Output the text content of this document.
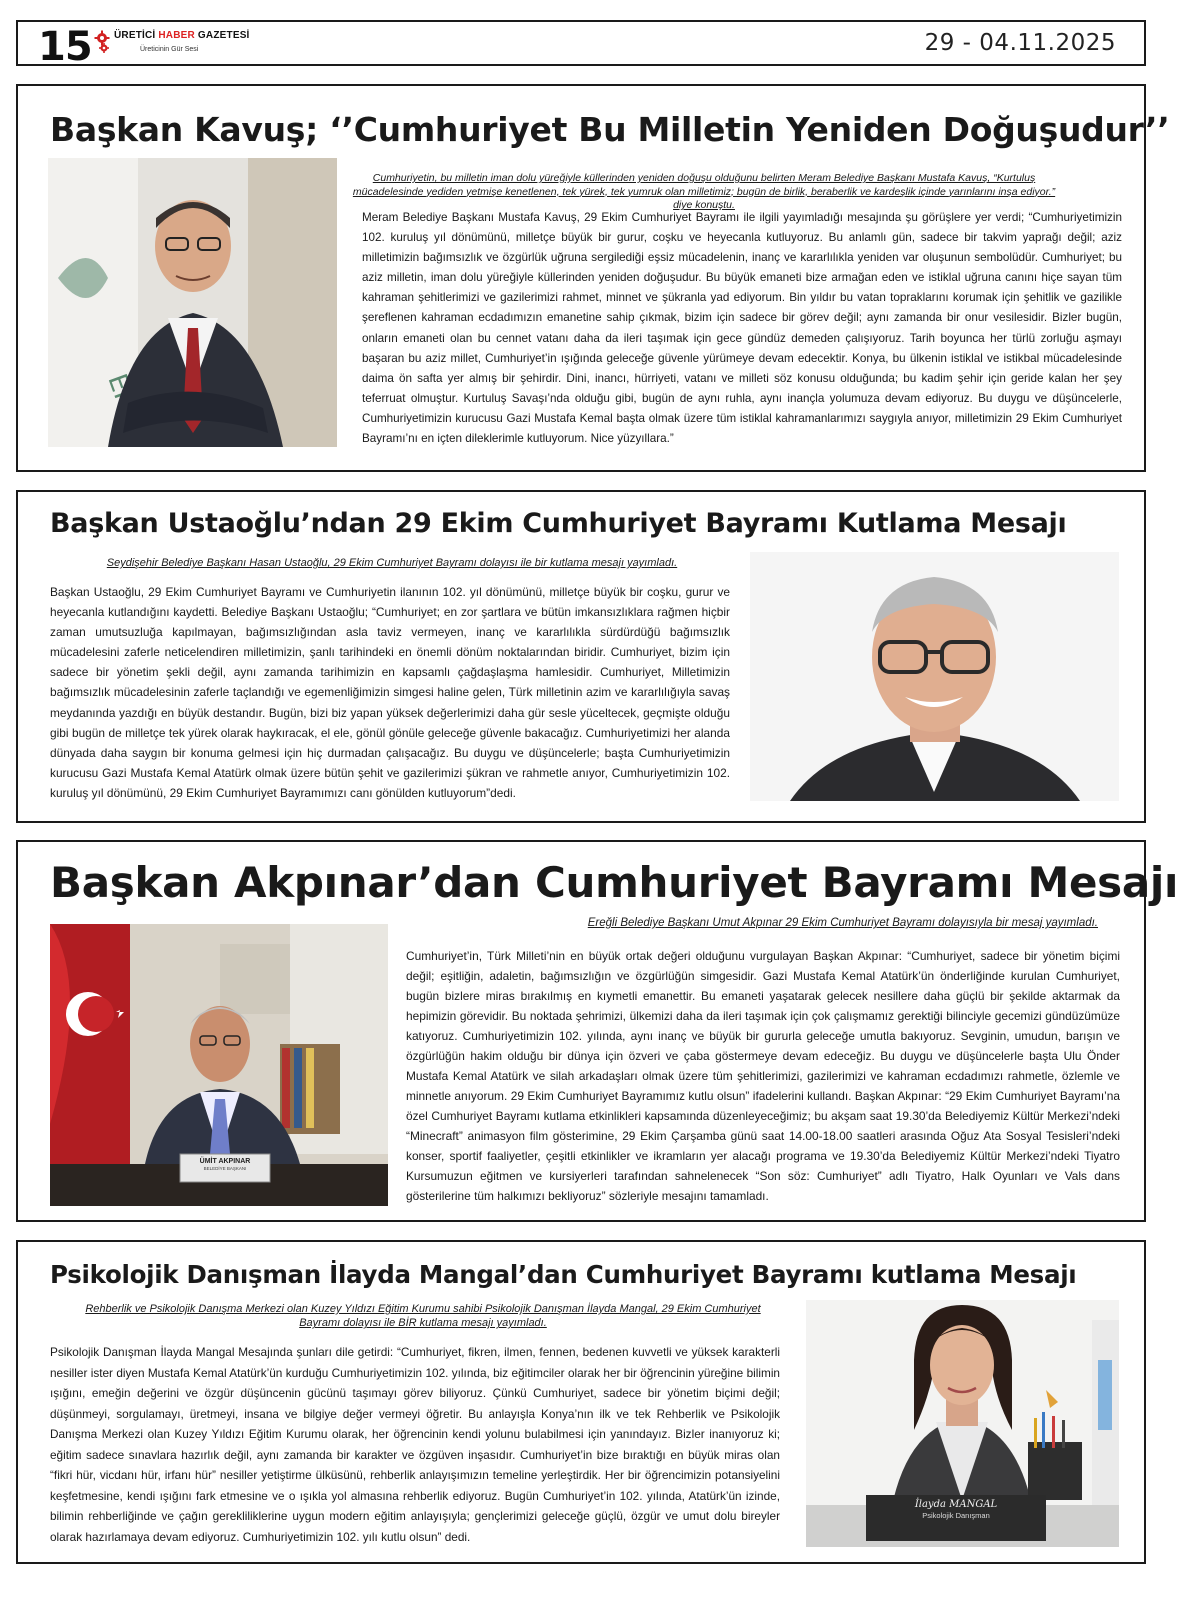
15 ÜRETİCİ HABER GAZETESİ
Üreticinin Gür Sesi	29 - 04.11.2025
Başkan Kavuş; ‘’Cumhuriyet Bu Milletin Yeniden Doğuşudur’’
Cumhuriyetin, bu milletin iman dolu yüreğiyle küllerinden yeniden doğuşu olduğunu belirten Meram Belediye Başkanı Mustafa Kavuş, “Kurtuluş mücadelesinde yediden yetmişe kenetlenen, tek yürek, tek yumruk olan milletimiz; bugün de birlik, beraberlik ve kardeşlik içinde yarınlarını inşa ediyor.” diye konuştu.
Meram Belediye Başkanı Mustafa Kavuş, 29 Ekim Cumhuriyet Bayramı ile ilgili yayımladığı mesajında şu görüşlere yer verdi; “Cumhuriyetimizin 102. kuruluş yıl dönümünü, milletçe büyük bir gurur, coşku ve heyecanla kutluyoruz. Bu anlamlı gün, sadece bir takvim yaprağı değil; aziz milletimizin bağımsızlık ve özgürlük uğruna sergilediği eşsiz mücadelenin, inanç ve kararlılıkla yeniden var oluşunun sembolüdür. Cumhuriyet; bu aziz milletin, iman dolu yüreğiyle küllerinden yeniden doğuşudur. Bu büyük emaneti bize armağan eden ve istiklal uğruna canını hiçe sayan tüm kahraman şehitlerimizi ve gazilerimizi rahmet, minnet ve şükranla yad ediyorum. Bin yıldır bu vatan topraklarını korumak için şehitlik ve gazilikle şereflenen kahraman ecdadımızın emanetine sahip çıkmak, bizim için sadece bir görev değil; aynı zamanda bir onur vesilesidir. Bizler bugün, onların emaneti olan bu cennet vatanı daha da ileri taşımak için gece gündüz demeden çalışıyoruz. Tarih boyunca her türlü zorluğu aşmayı başaran bu aziz millet, Cumhuriyet’in ışığında geleceğe güvenle yürümeye devam edecektir. Konya, bu ülkenin istiklal ve istikbal mücadelesinde daima ön safta yer almış bir şehirdir. Dini, inancı, hürriyeti, vatanı ve milleti söz konusu olduğunda; bu kadim şehir için geride kalan her şey teferruat olmuştur. Kurtuluş Savaşı’nda olduğu gibi, bugün de aynı ruhla, aynı inançla yolumuza devam ediyoruz. Bu duygu ve düşüncelerle, Cumhuriyetimizin kurucusu Gazi Mustafa Kemal başta olmak üzere tüm istiklal kahramanlarımızı saygıyla anıyor, milletimizin 29 Ekim Cumhuriyet Bayramı’nı en içten dileklerimle kutluyorum. Nice yüzyıllara.”
Başkan Ustaoğlu’ndan 29 Ekim Cumhuriyet Bayramı Kutlama Mesajı
Seydişehir Belediye Başkanı Hasan Ustaoğlu, 29 Ekim Cumhuriyet Bayramı dolayısı ile bir kutlama mesajı yayımladı.
Başkan Ustaoğlu, 29 Ekim Cumhuriyet Bayramı ve Cumhuriyetin ilanının 102. yıl dönümünü, milletçe büyük bir coşku, gurur ve heyecanla kutlandığını kaydetti. Belediye Başkanı Ustaoğlu; “Cumhuriyet; en zor şartlara ve bütün imkansızlıklara rağmen hiçbir zaman umutsuzluğa kapılmayan, bağımsızlığından asla taviz vermeyen, inanç ve kararlılıkla sürdürdüğü bağımsızlık mücadelesini zaferle neticelendiren milletimizin, şanlı tarihindeki en önemli dönüm noktalarından biridir. Cumhuriyet, bizim için sadece bir yönetim şekli değil, aynı zamanda tarihimizin en kapsamlı çağdaşlaşma hamlesidir. Cumhuriyet, Milletimizin bağımsızlık mücadelesinin zaferle taçlandığı ve egemenliğimizin simgesi haline gelen, Türk milletinin azim ve kararlılığıyla savaş meydanında yazdığı en büyük destandır. Bugün, bizi biz yapan yüksek değerlerimizi daha gür sesle yüceltecek, geçmişte olduğu gibi bugün de milletçe tek yürek olarak haykıracak, el ele, gönül gönüle geleceğe güvenle bakacağız. Cumhuriyetimizi her alanda dünyada daha saygın bir konuma gelmesi için hiç durmadan çalışacağız. Bu duygu ve düşüncelerle; başta Cumhuriyetimizin kurucusu Gazi Mustafa Kemal Atatürk olmak üzere bütün şehit ve gazilerimizi şükran ve rahmetle anıyor, Cumhuriyetimizin 102. kuruluş yıl dönümünü, 29 Ekim Cumhuriyet Bayramımızı canı gönülden kutluyorum”dedi.
Başkan Akpınar’dan Cumhuriyet Bayramı Mesajı
Ereğli Belediye Başkanı Umut Akpınar 29 Ekim Cumhuriyet Bayramı dolayısıyla bir mesaj yayımladı.
ÜMİT AKPINAR
BELEDİYE BAŞKANI
Cumhuriyet’in, Türk Milleti’nin en büyük ortak değeri olduğunu vurgulayan Başkan Akpınar: “Cumhuriyet, sadece bir yönetim biçimi değil; eşitliğin, adaletin, bağımsızlığın ve özgürlüğün simgesidir. Gazi Mustafa Kemal Atatürk’ün önderliğinde kurulan Cumhuriyet, bugün bizlere miras bırakılmış en kıymetli emanettir. Bu emaneti yaşatarak gelecek nesillere daha güçlü bir şekilde aktarmak da hepimizin görevidir. Bu noktada şehrimizi, ülkemizi daha da ileri taşımak için çok çalışmamız gerektiği bilinciyle gecemizi gündüzümüze katıyoruz. Cumhuriyetimizin 102. yılında, aynı inanç ve büyük bir gururla geleceğe umutla bakıyoruz. Sevginin, umudun, barışın ve özgürlüğün hakim olduğu bir dünya için özveri ve çaba göstermeye devam edeceğiz. Bu duygu ve düşüncelerle başta Ulu Önder Mustafa Kemal Atatürk ve silah arkadaşları olmak üzere tüm şehitlerimizi, gazilerimizi ve kahraman ecdadımızı rahmetle, özlemle ve minnetle anıyorum. 29 Ekim Cumhuriyet Bayramımız kutlu olsun” ifadelerini kullandı. Başkan Akpınar: “29 Ekim Cumhuriyet Bayramı’na özel Cumhuriyet Bayramı kutlama etkinlikleri kapsamında düzenleyeceğimiz; bu akşam saat 19.30’da Belediyemiz Kültür Merkezi’ndeki “Minecraft” animasyon film gösterimine, 29 Ekim Çarşamba günü saat 14.00-18.00 saatleri arasında Oğuz Ata Sosyal Tesisleri’ndeki konser, sportif faaliyetler, çeşitli etkinlikler ve ikramların yer alacağı programa ve 19.30’da Belediyemiz Kültür Merkezi’ndeki Tiyatro Kursumuzun eğitmen ve kursiyerleri tarafından sahnelenecek “Son söz: Cumhuriyet” adlı Tiyatro, Halk Oyunları ve Vals dans gösterilerine tüm halkımızı bekliyoruz” sözleriyle mesajını tamamladı.
Psikolojik Danışman İlayda Mangal’dan Cumhuriyet Bayramı kutlama Mesajı
Rehberlik ve Psikolojik Danışma Merkezi olan Kuzey Yıldızı Eğitim Kurumu sahibi Psikolojik Danışman İlayda Mangal, 29 Ekim Cumhuriyet Bayramı dolayısı ile BİR kutlama mesajı yayımladı.
Psikolojik Danışman İlayda Mangal Mesajında şunları dile getirdi: “Cumhuriyet, fikren, ilmen, fennen, bedenen kuvvetli ve yüksek karakterli nesiller ister diyen Mustafa Kemal Atatürk’ün kurduğu Cumhuriyetimizin 102. yılında, biz eğitimciler olarak her bir öğrencinin yüreğine bilimin ışığını, emeğin değerini ve özgür düşüncenin gücünü taşımayı görev biliyoruz. Çünkü Cumhuriyet, sadece bir yönetim biçimi değil; düşünmeyi, sorgulamayı, üretmeyi, insana ve bilgiye değer vermeyi öğretir. Bu anlayışla Konya’nın ilk ve tek Rehberlik ve Psikolojik Danışma Merkezi olan Kuzey Yıldızı Eğitim Kurumu olarak, her öğrencinin kendi yolunu bulabilmesi için yanındayız. Bizler inanıyoruz ki; eğitim sadece sınavlara hazırlık değil, aynı zamanda bir karakter ve özgüven inşasıdır. Cumhuriyet’in bize bıraktığı en büyük miras olan “fikri hür, vicdanı hür, irfanı hür” nesiller yetiştirme ülküsünü, rehberlik anlayışımızın temeline yerleştirdik. Her bir öğrencimizin potansiyelini keşfetmesine, kendi ışığını fark etmesine ve o ışıkla yol almasına rehberlik ediyoruz. Bugün Cumhuriyet’in 102. yılında, Atatürk’ün izinde, bilimin rehberliğinde ve çağın gerekliliklerine uygun modern eğitim anlayışıyla; gençlerimizi geleceğe güçlü, özgür ve umut dolu bireyler olarak hazırlamaya devam ediyoruz. Cumhuriyetimizin 102. yılı kutlu olsun” dedi.
İlayda MANGAL
Psikolojik Danışman
